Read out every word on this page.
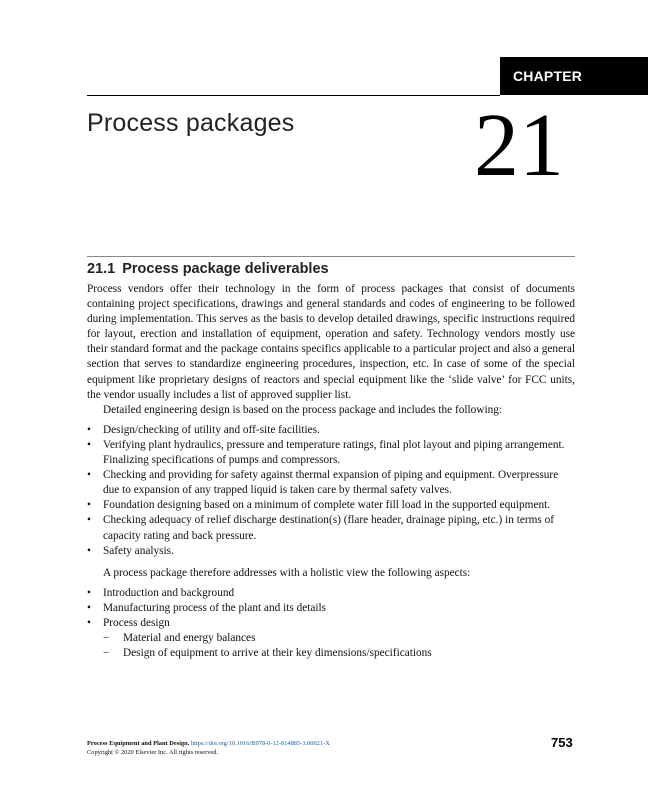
CHAPTER
Process packages 21
21.1 Process package deliverables

Process vendors offer their technology in the form of process packages that consist of documents containing project specifications, drawings and general standards and codes of engineering to be followed during implementation. This serves as the basis to develop detailed drawings, specific instructions required for layout, erection and installation of equipment, operation and safety. Technology vendors mostly use their standard format and the package contains specifics applicable to a particular project and also a general section that serves to standardize engineering procedures, inspection, etc. In case of some of the special equipment like proprietary designs of reactors and special equipment like the ‘slide valve’ for FCC units, the vendor usually includes a list of approved supplier list.

Detailed engineering design is based on the process package and includes the following:

• Design/checking of utility and off-site facilities.
• Verifying plant hydraulics, pressure and temperature ratings, final plot layout and piping arrangement. Finalizing specifications of pumps and compressors.
• Checking and providing for safety against thermal expansion of piping and equipment. Overpressure due to expansion of any trapped liquid is taken care by thermal safety valves.
• Foundation designing based on a minimum of complete water fill load in the supported equipment.
• Checking adequacy of relief discharge destination(s) (flare header, drainage piping, etc.) in terms of capacity rating and back pressure.
• Safety analysis.

A process package therefore addresses with a holistic view the following aspects:

• Introduction and background
• Manufacturing process of the plant and its details
• Process design
− Material and energy balances
− Design of equipment to arrive at their key dimensions/specifications
Process Equipment and Plant Design. https://doi.org/10.1016/B978-0-12-814885-3.00021-X
Copyright © 2020 Elsevier Inc. All rights reserved.
753
